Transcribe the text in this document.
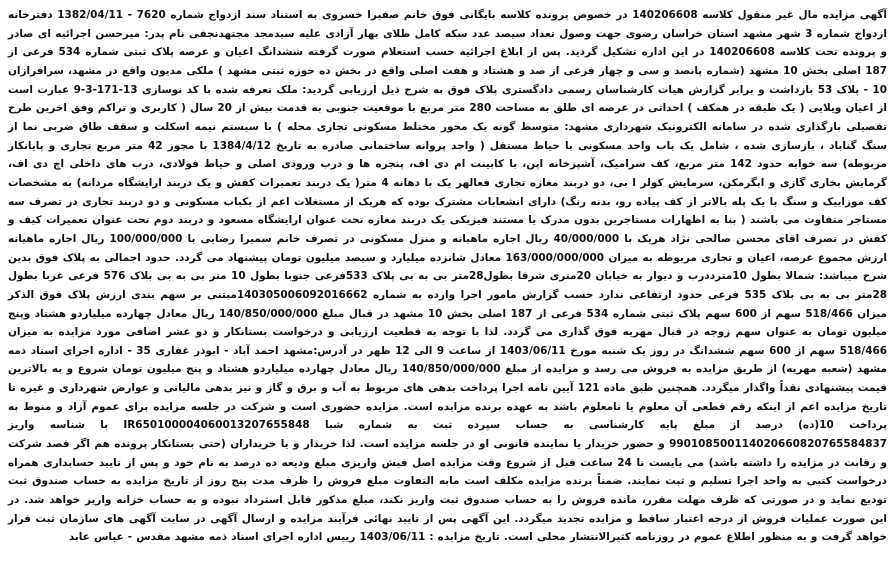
آگهی مزایده مال غیر منقول کلاسه 140206608 در خصوص پرونده کلاسه بایگانی فوق خانم صفیرا خسروی به استناد سند ازدواج شماره 7620 - 1382/04/11 دفترخانه ازدواج شماره 3 شهر مشهد استان خراسان رضوی جهت وصول تعداد سیصد عدد سکه کامل طلای بهار آزادی علیه سیدمجد مجتهدنجفی نام پدر: میرحسن اجرائیه ای صادر و پرونده تحت کلاسه 140206608 در این اداره تشکیل گردید. پس از ابلاغ اجرائیه حسب استعلام صورت گرفته ششدانگ اعیان و عرصه پلاک ثبتی شماره 534 فرعی از 187 اصلی بخش 10 مشهد (شماره پانصد و سی و چهار فرعی از صد و هشتاد و هفت اصلی واقع در بخش ده حوزه ثبتی مشهد ) ملکی مدیون واقع در مشهد، سرافرازان 10 - پلاک 53 بازداشت و برابر گزارش هیات کارشناسان رسمی دادگستری پلاک فوق به شرح ذیل ارزیابی گردید: ملک تعرفه شده با کد نوسازی 13-171-3-9 عبارت است از اعیان ویلایی ( یک طبقه در همکف ) احداثی در عرصه ای طلق به مساحت 280 متر مربع با موقعیت جنوبی به قدمت بیش از 20 سال ( کاربری و تراکم وفق اخرین طرح تفصیلی بارگذاری شده در سامانه الکترونیک شهرداری مشهد: متوسط گونه یک محور مختلط مسکونی تجاری محله ) با سیستم نیمه اسکلت و سقف طاق ضربی نما از سنگ گناباد ، بازسازی شده ، شامل یک باب واحد مسکونی با حیاط مستقل ( واجد پروانه ساختمانی صادره به تاریخ 1384/4/12 با مجوز 42 متر مربع تجاری و پایانکار مربوطه) سه خوابه حدود 142 متر مربع، کف سرامیک، آشپزخانه اپن، با کابینت ام دی اف، پنجره ها و درب ورودی اصلی و حیاط فولادی، درب های داخلی اچ دی اف، گرمایش بخاری گازی و ابگرمکن، سرمایش کولر ا بی، دو دربند مغازه تجاری فعالهر یک با دهانه 4 متر( یک دربند تعمیرات کفش و یک دربند ارایشگاه مردانه) به مشخصات کف موزاییک و سنگ با یک پله بالاتر از کف پیاده رو، بدنه رنگ) دارای انشعابات مشترک بوده که هریک از مستغلات اعم از یکباب مسکونی و دو دربند تجاری در تصرف سه مستاجر متفاوت می باشند ( بنا به اظهارات مستاجرین بدون مدرک یا مستند فیزیکی یک دربند مغازه تحت عنوان ارایشگاه مسعود و دربند دوم تحت عنوان تعمیرات کیف و کفش در تصرف اقای محسن صالحی نژاد هریک با 40/000/000 ریال اجاره ماهیانه و منزل مسکونی در تصرف خانم سمیرا رضایی با 100/000/000 ریال اجاره ماهیانه ارزش مجموع عرصه، اعیان و تجاری مربوطه به میزان 163/000/000/000 معادل شانزده میلیارد و سیصد میلیون تومان پیشنهاد می گردد. حدود اجمالی به پلاک فوق بدین شرح میباشد: شمالا بطول 10مترددرب و دیوار به خیابان 20متری شرقا بطول28متر بی به بی پلاک 533فرعی جنوبا بطول 10 متر بی به بی بلاک 576 فرعی غربا بطول 28متر بی به بی بلاک 535 فرعی حدود ارتفاعی ندارد حسب گزارش مامور اجرا وارده به شماره 140305006092016662مبتنی بر سهم بندی ارزش پلاک فوق الذکر میزان 518/466 سهم از 600 سهم پلاک ثبتی شماره 534 فرعی از 187 اصلی بخش 10 مشهد در قبال مبلغ 140/850/000/000 ریال معادل چهارده میلیاردو هشتاد وپنج میلیون تومان به عنوان سهم زوجه در قبال مهریه فوق گذاری می گردد. لذا با توجه به قطعیت ارزیابی و درخواست بستانکار و دو عشر اضافی مورد مزایده به میزان 518/466 سهم از 600 سهم ششدانگ در روز یک شنبه مورخ 1403/06/11 از ساعت 9 الی 12 ظهر در آدرس:مشهد احمد آباد - ابوذر غفاری 35 - اداره اجرای اسناد ذمه مشهد (شعبه مهریه) از طریق مزایده به فروش می رسد و مزایده از مبلغ 140/850/000/000 ریال معادل چهارده میلیاردو هشتاد و پنج میلیون تومان شروع و به بالاترین قیمت پیشنهادی نقداً واگذار میگردد. همچنین طبق ماده 121 آیین نامه اجرا پرداخت بدهی های مربوط به آب و برق و گاز و نیز بدهی مالیاتی و عوارض شهرداری و غیره تا تاریخ مزایده اعم از اینکه رقم قطعی آن معلوم یا نامعلوم باشد به عهده برنده مزایده است. مزایده حضوری است و شرکت در جلسه مزایده برای عموم آزاد و منوط به پرداخت 10(ده) درصد از مبلغ پایه کارشناسی به حساب سپرده ثبت به شماره شبا IR650100004060013207655848 با شناسه واریز 990108500114020660820765584837 و حضور خریدار یا نماینده قانونی او در جلسه مزایده است. لذا خریدار و یا خریداران (حتی بستانکار پرونده هم اگر قصد شرکت و رقابت در مزایده را داشته باشد) می بایست تا 24 ساعت قبل از شروع وقت مزایده اصل فیش واریزی مبلغ ودیعه ده درصد به نام خود و پس از تایید حسابداری همراه درخواست کتبی به واحد اجرا تسلیم و ثبت نمایند. ضمناً برنده مزایده مکلف است مابه التفاوت مبلغ فروش را ظرف مدت پنج روز از تاریخ مزایده به حساب صندوق ثبت تودیع نماید و در صورتی که ظرف مهلت مقرر، مانده فروش را به حساب صندوق ثبت واریز نکند، مبلغ مذکور قابل استرداد نبوده و به حساب خزانه واریز خواهد شد. در این صورت عملیات فروش از درجه اعتبار ساقط و مزایده تجدید میگردد. این آگهی پس از تایید نهائی فرآیند مزایده و ارسال آگهی در سایت آگهی های سازمان ثبت قرار خواهد گرفت و به منظور اطلاع عموم در روزنامه کثیرالانتشار محلی است. تاریخ مزایده : 1403/06/11 رییس اداره اجرای اسناد ذمه مشهد مقدس - عباس عابد
